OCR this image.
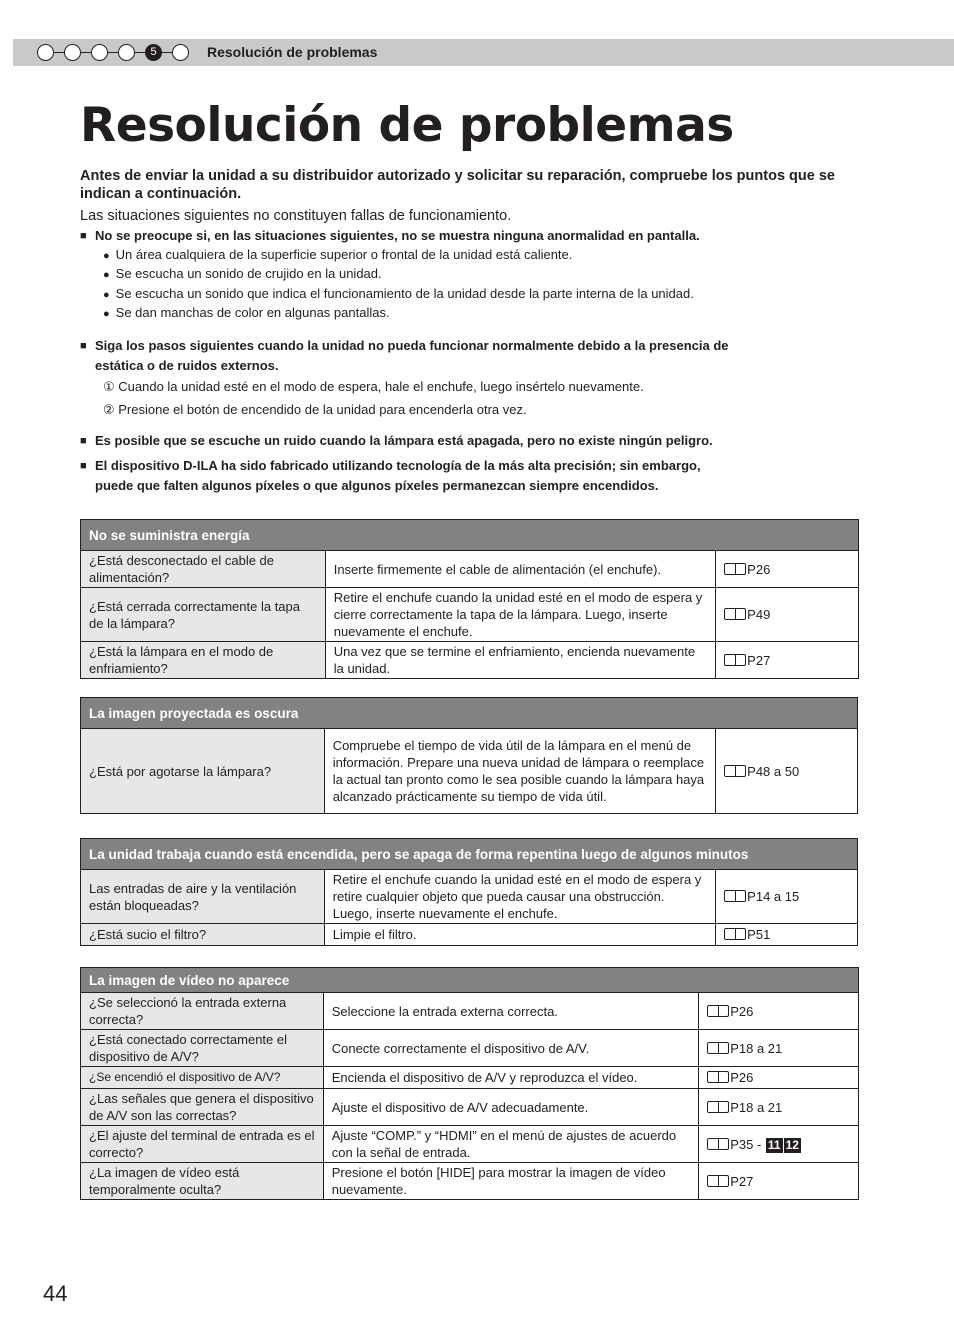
5	Resolución de problemas
Resolución de problemas
Antes de enviar la unidad a su distribuidor autorizado y solicitar su reparación, compruebe los puntos que se indican a continuación.
Las situaciones siguientes no constituyen fallas de funcionamiento.
■ No se preocupe si, en las situaciones siguientes, no se muestra ninguna anormalidad en pantalla.
● Un área cualquiera de la superficie superior o frontal de la unidad está caliente.
● Se escucha un sonido de crujido en la unidad.
● Se escucha un sonido que indica el funcionamiento de la unidad desde la parte interna de la unidad.
● Se dan manchas de color en algunas pantallas.
■ Siga los pasos siguientes cuando la unidad no pueda funcionar normalmente debido a la presencia de
estática o de ruidos externos.
① Cuando la unidad esté en el modo de espera, hale el enchufe, luego insértelo nuevamente.
② Presione el botón de encendido de la unidad para encenderla otra vez.
■ Es posible que se escuche un ruido cuando la lámpara está apagada, pero no existe ningún peligro.
■ El dispositivo D-ILA ha sido fabricado utilizando tecnología de la más alta precisión; sin embargo,
puede que falten algunos píxeles o que algunos píxeles permanezcan siempre encendidos.
No se suministra energía		
¿Está desconectado el cable de alimentación?	Inserte firmemente el cable de alimentación (el enchufe).	P26
¿Está cerrada correctamente la tapa de la lámpara?	Retire el enchufe cuando la unidad esté en el modo de espera y cierre correctamente la tapa de la lámpara. Luego, inserte nuevamente el enchufe.	P49
¿Está la lámpara en el modo de enfriamiento?	Una vez que se termine el enfriamiento, encienda nuevamente la unidad.	P27
La imagen proyectada es oscura
¿Está por agotarse la lámpara?	Compruebe el tiempo de vida útil de la lámpara en el menú de información. Prepare una nueva unidad de lámpara o reemplace la actual tan pronto como le sea posible cuando la lámpara haya alcanzado prácticamente su tiempo de vida útil.	P48 a 50
La unidad trabaja cuando está encendida, pero se apaga de forma repentina luego de algunos minutos		
Las entradas de aire y la ventilación están bloqueadas?	Retire el enchufe cuando la unidad esté en el modo de espera y retire cualquier objeto que pueda causar una obstrucción. Luego, inserte nuevamente el enchufe.	P14 a 15
¿Está sucio el filtro?	Limpie el filtro.	P51
La imagen de vídeo no aparece		
¿Se seleccionó la entrada externa correcta?	Seleccione la entrada externa correcta.	P26
¿Está conectado correctamente el dispositivo de A/V?	Conecte correctamente el dispositivo de A/V.	P18 a 21
¿Se encendió el dispositivo de A/V?	Encienda el dispositivo de A/V y reproduzca el vídeo.	P26
¿Las señales que genera el dispositivo de A/V son las correctas?	Ajuste el dispositivo de A/V adecuadamente.	P18 a 21
¿El ajuste del terminal de entrada es el correcto?	Ajuste “COMP.” y “HDMI” en el menú de ajustes de acuerdo con la señal de entrada.	P35 - 11 12
¿La imagen de vídeo está temporalmente oculta?	Presione el botón [HIDE] para mostrar la imagen de vídeo nuevamente.	P27
44
